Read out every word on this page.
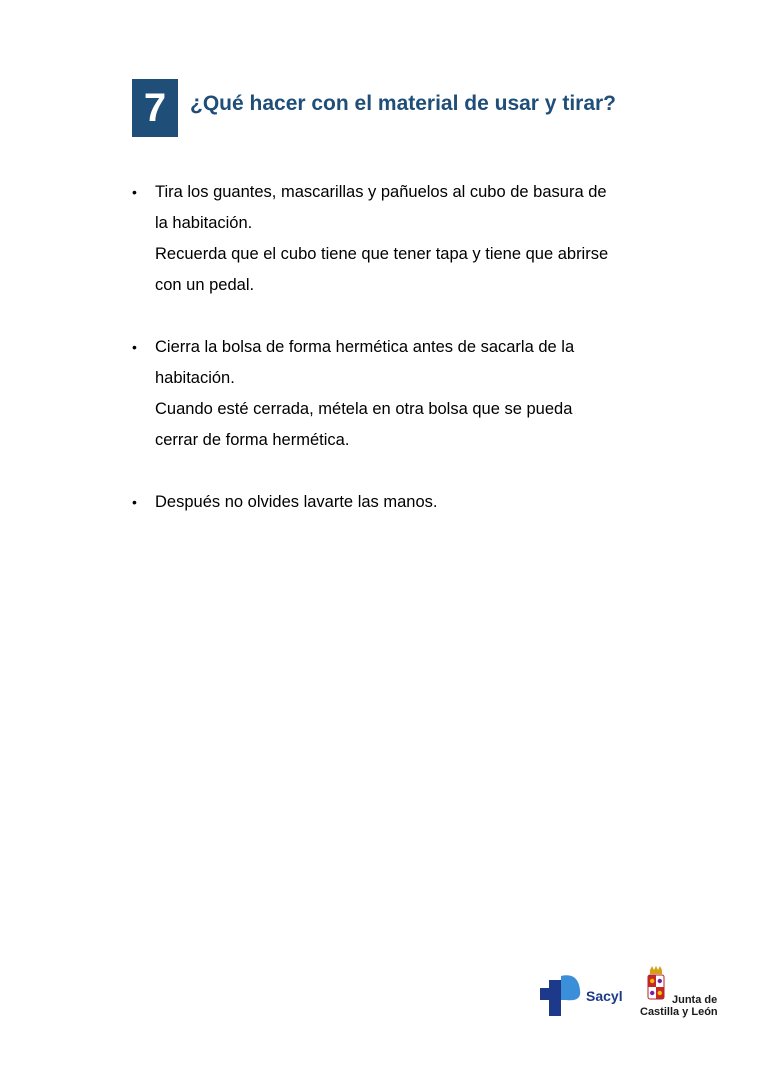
7	¿Qué hacer con el material de usar y tirar?
•	Tira los guantes, mascarillas y pañuelos al cubo de basura de
la habitación.
Recuerda que el cubo tiene que tener tapa y tiene que abrirse
con un pedal.
•	Cierra la bolsa de forma hermética antes de sacarla de la
habitación.
Cuando esté cerrada, métela en otra bolsa que se pueda
cerrar de forma hermética.
•	Después no olvides lavarte las manos.
Sacyl	Junta de
Castilla y León
